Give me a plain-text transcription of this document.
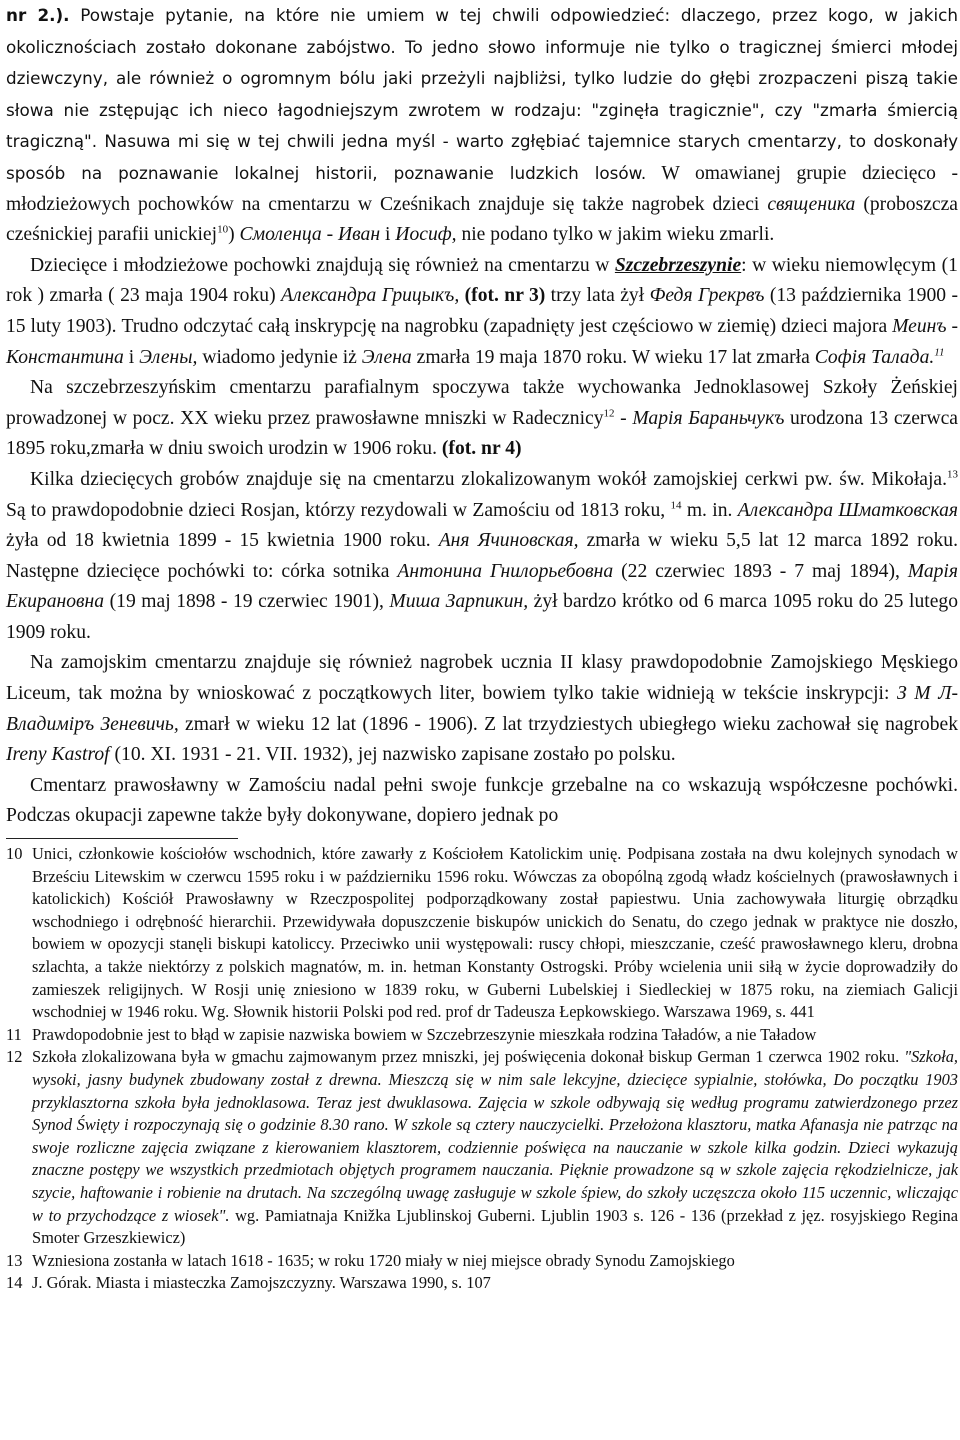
nr 2.). Powstaje pytanie, na które nie umiem w tej chwili odpowiedzieć: dlaczego, przez kogo, w jakich okolicznościach zostało dokonane zabójstwo. To jedno słowo informuje nie tylko o tragicznej śmierci młodej dziewczyny, ale również o ogromnym bólu jaki przeżyli najbliżsi, tylko ludzie do głębi zrozpaczeni piszą takie słowa nie zstępując ich nieco łagodniejszym zwrotem w rodzaju: "zginęła tragicznie", czy "zmarła śmiercią tragiczną". Nasuwa mi się w tej chwili jedna myśl - warto zgłębiać tajemnice starych cmentarzy, to doskonały sposób na poznawanie lokalnej historii, poznawanie ludzkich losów. W omawianej grupie dziecięco - młodzieżowych pochowków na cmentarzu w Cześnikach znajduje się także nagrobek dzieci священика (proboszcza cześnickiej parafii unickiej$^{10}$) Смоленца - Иван i Иосиф, nie podano tylko w jakim wieku zmarli.

Dziecięce i młodzieżowe pochowki znajdują się również na cmentarzu w Szczebrzeszynie: w wieku niemowlęcym (1 rok ) zmarła ( 23 maja 1904 roku) Александра Грицыкъ, (fot. nr 3) trzy lata żył Федя Грекрвъ (13 października 1900 - 15 luty 1903). Trudno odczytać całą inskrypcję na nagrobku (zapadnięty jest częściowo w ziemię) dzieci majora Меинъ - Константина i Элены, wiadomo jedynie iż Элена zmarła 19 maja 1870 roku. W wieku 17 lat zmarła Софія Талада.$^{11}$

Na szczebrzeszyńskim cmentarzu parafialnym spoczywa także wychowanka Jednoklasowej Szkoły Żeńskiej prowadzonej w pocz. XX wieku przez prawosławne mniszki w Radecznicy$^{12}$ - Марія Бараньчукъ urodzona 13 czerwca 1895 roku,zmarła w dniu swoich urodzin w 1906 roku. (fot. nr 4)

Kilka dziecięcych grobów znajduje się na cmentarzu zlokalizowanym wokół zamojskiej cerkwi pw. św. Mikołaja.$^{13}$ Są to prawdopodobnie dzieci Rosjan, którzy rezydowali w Zamościu od 1813 roku, $^{14}$ m. in. Александра Шматковская żyła od 18 kwietnia 1899 - 15 kwietnia 1900 roku. Аня Ячиновская, zmarła w wieku 5,5 lat 12 marca 1892 roku. Następne dziecięce pochówki to: córka sotnika Антонина Гнилорьебовна (22 czerwiec 1893 - 7 maj 1894), Марія Екирановна (19 maj 1898 - 19 czerwiec 1901), Миша Зарпикин, żył bardzo krótko od 6 marca 1095 roku do 25 lutego 1909 roku.

Na zamojskim cmentarzu znajduje się również nagrobek ucznia II klasy prawdopodobnie Zamojskiego Męskiego Liceum, tak można by wnioskować z początkowych liter, bowiem tylko takie widnieją w tekście inskrypcji: З М Л- Владиміръ Зеневичь, zmarł w wieku 12 lat (1896 - 1906). Z lat trzydziestych ubiegłego wieku zachował się nagrobek Ireny Kastrof (10. XI. 1931 - 21. VII. 1932), jej nazwisko zapisane zostało po polsku.

Cmentarz prawosławny w Zamościu nadal pełni swoje funkcje grzebalne na co wskazują współczesne pochówki. Podczas okupacji zapewne także były dokonywane, dopiero jednak po

10 Unici, członkowie kościołów wschodnich, które zawarły z Kościołem Katolickim unię. Podpisana została na dwu kolejnych synodach w Brześciu Litewskim w czerwcu 1595 roku i w październiku 1596 roku. Wówczas za obopólną zgodą władz kościelnych (prawosławnych i katolickich) Kościół Prawosławny w Rzeczpospolitej podporządkowany został papiestwu. Unia zachowywała liturgię obrządku wschodniego i odrębność hierarchii. Przewidywała dopuszczenie biskupów unickich do Senatu, do czego jednak w praktyce nie doszło, bowiem w opozycji stanęli biskupi katoliccy. Przeciwko unii występowali: ruscy chłopi, mieszczanie, cześć prawosławnego kleru, drobna szlachta, a także niektórzy z polskich magnatów, m. in. hetman Konstanty Ostrogski. Próby wcielenia unii siłą w życie doprowadziły do zamieszek religijnych. W Rosji unię zniesiono w 1839 roku, w Guberni Lubelskiej i Siedleckiej w 1875 roku, na ziemiach Galicji wschodniej w 1946 roku. Wg. Słownik historii Polski pod red. prof dr Tadeusza Łepkowskiego. Warszawa 1969, s. 441
11 Prawdopodobnie jest to błąd w zapisie nazwiska bowiem w Szczebrzeszynie mieszkała rodzina Taładów, a nie Taładow
12 Szkoła zlokalizowana była w gmachu zajmowanym przez mniszki, jej poświęcenia dokonał biskup German 1 czerwca 1902 roku. "Szkoła, wysoki, jasny budynek zbudowany został z drewna. Mieszczą się w nim sale lekcyjne, dziecięce sypialnie, stołówka, Do początku 1903 przyklasztorna szkoła była jednoklasowa. Teraz jest dwuklasowa. Zajęcia w szkole odbywają się według programu zatwierdzonego przez Synod Święty i rozpoczynają się o godzinie 8.30 rano. W szkole są cztery nauczycielki. Przełożona klasztoru, matka Afanasja nie patrząc na swoje rozliczne zajęcia związane z kierowaniem klasztorem, codziennie poświęca na nauczanie w szkole kilka godzin. Dzieci wykazują znaczne postępy we wszystkich przedmiotach objętych programem nauczania. Pięknie prowadzone są w szkole zajęcia rękodzielnicze, jak szycie, haftowanie i robienie na drutach. Na szczególną uwagę zasługuje w szkole śpiew, do szkoły uczęszcza około 115 uczennic, wliczając w to przychodzące z wiosek". wg. Pamiatnaja Knižka Ljublinskoj Guberni. Ljublin 1903 s. 126 - 136 (przekład z jęz. rosyjskiego Regina Smoter Grzeszkiewicz)
13 Wzniesiona zostanła w latach 1618 - 1635; w roku 1720 miały w niej miejsce obrady Synodu Zamojskiego
14 J. Górak. Miasta i miasteczka Zamojszczyzny. Warszawa 1990, s. 107
